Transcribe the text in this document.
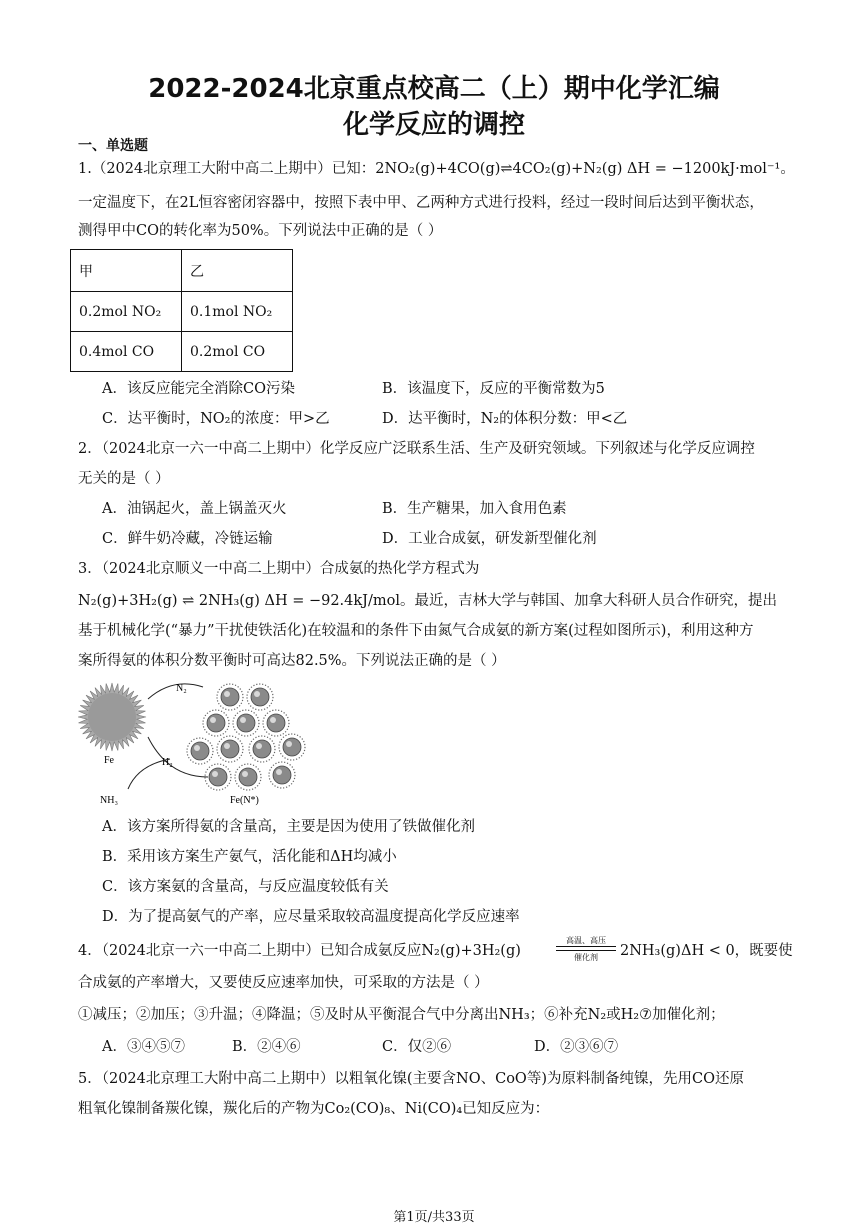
2022-2024北京重点校高二（上）期中化学汇编
化学反应的调控
一、单选题
1.（2024北京理工大附中高二上期中）已知：2NO₂(g)+4CO(g)⇌4CO₂(g)+N₂(g) ΔH = −1200kJ·mol⁻¹。
一定温度下，在2L恒容密闭容器中，按照下表中甲、乙两种方式进行投料，经过一段时间后达到平衡状态，
测得甲中CO的转化率为50%。下列说法中正确的是（ ）
甲	乙
0.2mol NO₂	0.1mol NO₂
0.4mol CO	0.2mol CO
A．该反应能完全消除CO污染	B．该温度下，反应的平衡常数为5
C．达平衡时，NO₂的浓度：甲>乙	D．达平衡时，N₂的体积分数：甲<乙
2．（2024北京一六一中高二上期中）化学反应广泛联系生活、生产及研究领域。下列叙述与化学反应调控
无关的是（ ）
A．油锅起火，盖上锅盖灭火	B．生产糖果，加入食用色素
C．鲜牛奶冷藏，冷链运输	D．工业合成氨，研发新型催化剂
3．（2024北京顺义一中高二上期中）合成氨的热化学方程式为
N₂(g)+3H₂(g) ⇌ 2NH₃(g) ΔH = −92.4kJ/mol。最近，吉林大学与韩国、加拿大科研人员合作研究，提出
基于机械化学(“暴力”干扰使铁活化)在较温和的条件下由氮气合成氨的新方案(过程如图所示)，利用这种方
案所得氨的体积分数平衡时可高达82.5%。下列说法正确的是（ ）
Fe
N₂
H₂
NH₃	Fe(N*)
A．该方案所得氨的含量高，主要是因为使用了铁做催化剂
B．采用该方案生产氨气，活化能和ΔH均减小
C．该方案氨的含量高，与反应温度较低有关
D．为了提高氨气的产率，应尽量采取较高温度提高化学反应速率
4．（2024北京一六一中高二上期中）已知合成氨反应N₂(g)+3H₂(g)
高温、高压
催化剂	2NH₃(g)ΔH < 0，既要使
合成氨的产率增大，又要使反应速率加快，可采取的方法是（ ）
①减压；②加压；③升温；④降温；⑤及时从平衡混合气中分离出NH₃；⑥补充N₂或H₂⑦加催化剂；
A．③④⑤⑦	B．②④⑥	C．仅②⑥	D．②③⑥⑦
5．（2024北京理工大附中高二上期中）以粗氧化镍(主要含NO、CoO等)为原料制备纯镍，先用CO还原
粗氧化镍制备羰化镍，羰化后的产物为Co₂(CO)₈、Ni(CO)₄已知反应为：
第1页/共33页
